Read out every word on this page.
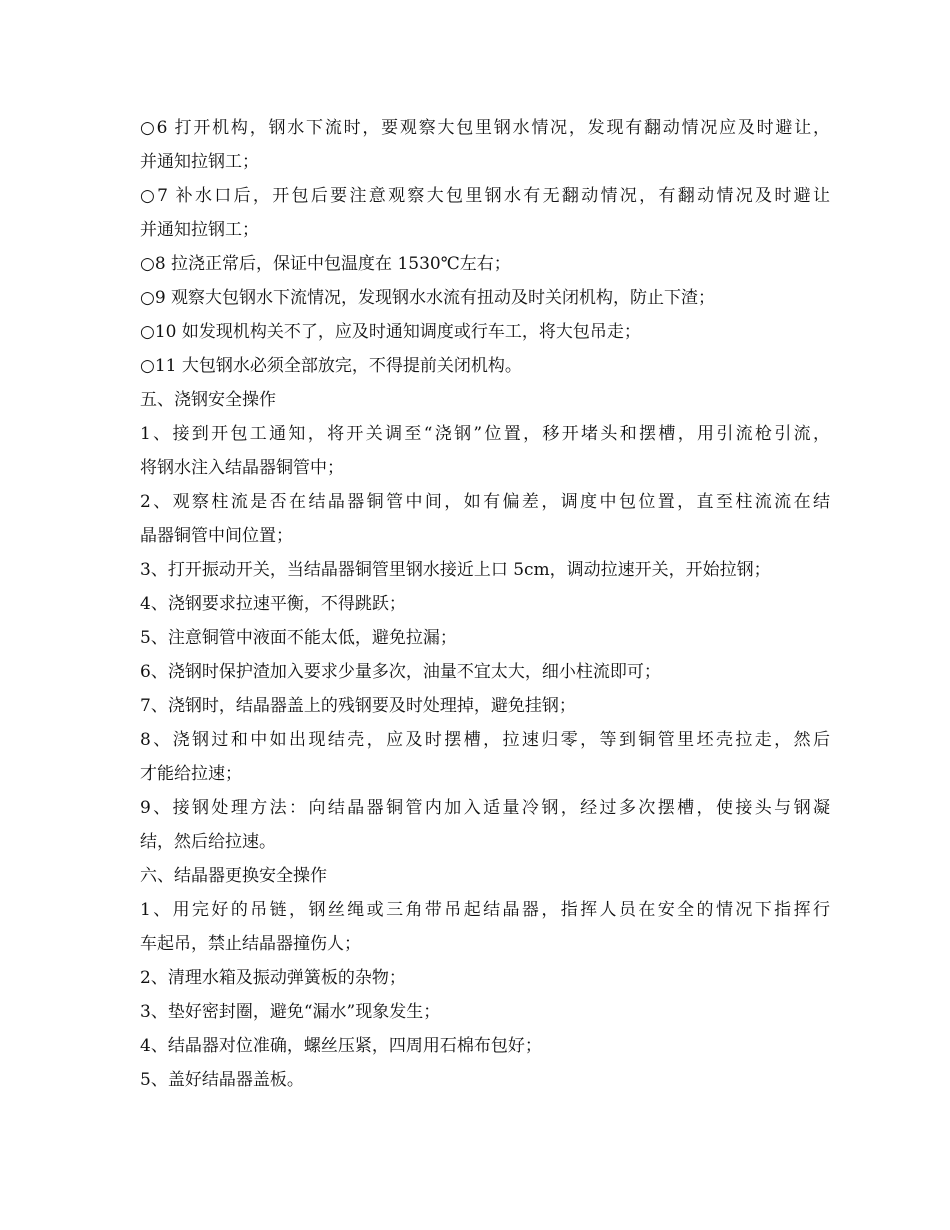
○6 打开机构，钢水下流时，要观察大包里钢水情况，发现有翻动情况应及时避让，
并通知拉钢工；
○7 补水口后，开包后要注意观察大包里钢水有无翻动情况，有翻动情况及时避让
并通知拉钢工；
○8 拉浇正常后，保证中包温度在 1530℃左右；
○9 观察大包钢水下流情况，发现钢水水流有扭动及时关闭机构，防止下渣；
○10 如发现机构关不了，应及时通知调度或行车工，将大包吊走；
○11 大包钢水必须全部放完，不得提前关闭机构。
五、浇钢安全操作
1、接到开包工通知，将开关调至“浇钢”位置，移开堵头和摆槽，用引流枪引流，
将钢水注入结晶器铜管中；
2、观察柱流是否在结晶器铜管中间，如有偏差，调度中包位置，直至柱流流在结
晶器铜管中间位置；
3、打开振动开关，当结晶器铜管里钢水接近上口 5cm，调动拉速开关，开始拉钢；
4、浇钢要求拉速平衡，不得跳跃；
5、注意铜管中液面不能太低，避免拉漏；
6、浇钢时保护渣加入要求少量多次，油量不宜太大，细小柱流即可；
7、浇钢时，结晶器盖上的残钢要及时处理掉，避免挂钢；
8、浇钢过和中如出现结壳，应及时摆槽，拉速归零，等到铜管里坯壳拉走，然后
才能给拉速；
9、接钢处理方法：向结晶器铜管内加入适量冷钢，经过多次摆槽，使接头与钢凝
结，然后给拉速。
六、结晶器更换安全操作
1、用完好的吊链，钢丝绳或三角带吊起结晶器，指挥人员在安全的情况下指挥行
车起吊，禁止结晶器撞伤人；
2、清理水箱及振动弹簧板的杂物；
3、垫好密封圈，避免“漏水”现象发生；
4、结晶器对位准确，螺丝压紧，四周用石棉布包好；
5、盖好结晶器盖板。
